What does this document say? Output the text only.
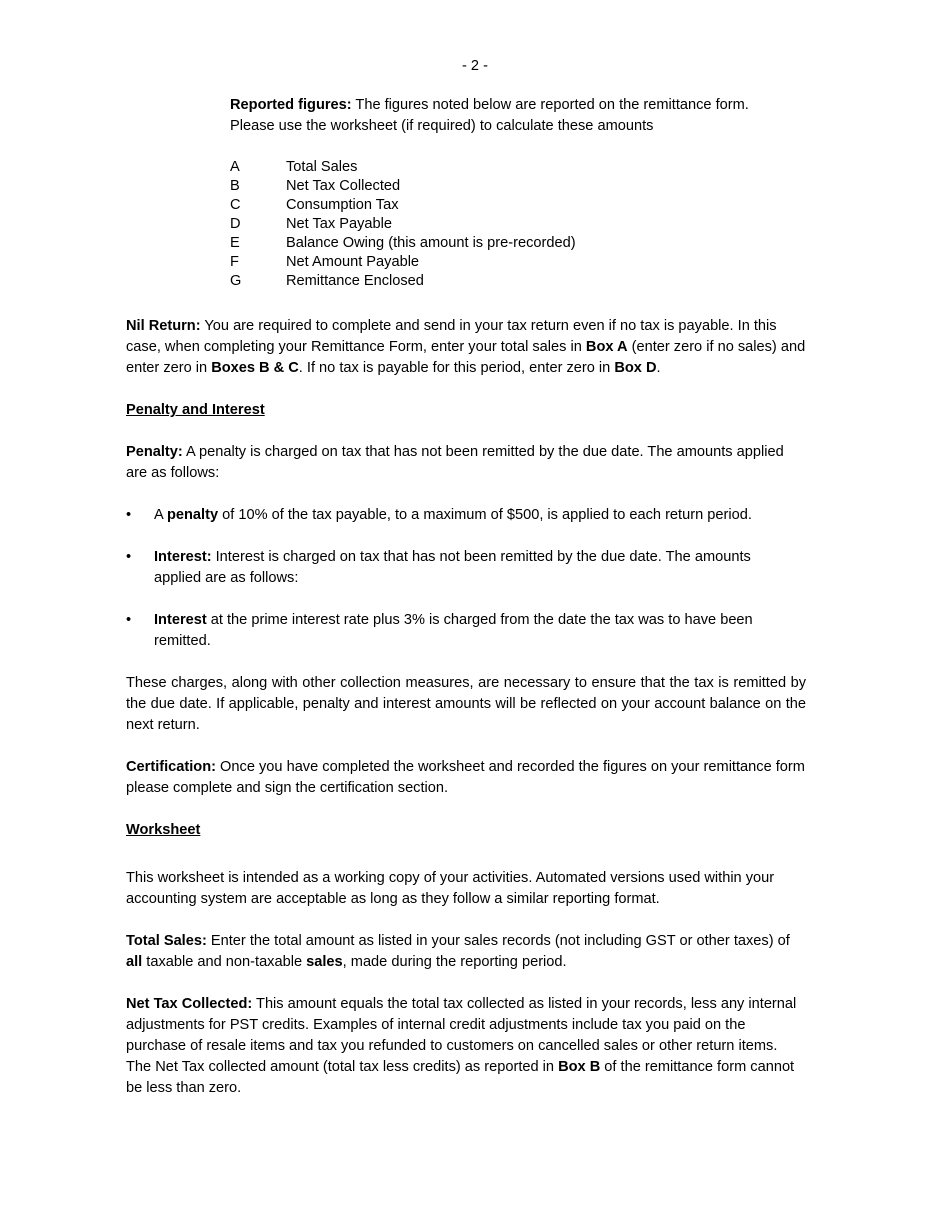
- 2 -
Reported figures: The figures noted below are reported on the remittance form.
Please use the worksheet (if required) to calculate these amounts
A	Total Sales
B	Net Tax Collected
C	Consumption Tax
D	Net Tax Payable
E	Balance Owing (this amount is pre-recorded)
F	Net Amount Payable
G	Remittance Enclosed

Nil Return: You are required to complete and send in your tax return even if no tax is payable. In this case, when completing your Remittance Form, enter your total sales in Box A (enter zero if no sales) and enter zero in Boxes B & C. If no tax is payable for this period, enter zero in Box D.

Penalty and Interest

Penalty: A penalty is charged on tax that has not been remitted by the due date. The amounts applied are as follows:

•	A penalty of 10% of the tax payable, to a maximum of $500, is applied to each return period.
•	Interest: Interest is charged on tax that has not been remitted by the due date. The amounts applied are as follows:
•	Interest at the prime interest rate plus 3% is charged from the date the tax was to have been remitted.

These charges, along with other collection measures, are necessary to ensure that the tax is remitted by the due date. If applicable, penalty and interest amounts will be reflected on your account balance on the next return.

Certification: Once you have completed the worksheet and recorded the figures on your remittance form please complete and sign the certification section.

Worksheet

This worksheet is intended as a working copy of your activities. Automated versions used within your accounting system are acceptable as long as they follow a similar reporting format.

Total Sales: Enter the total amount as listed in your sales records (not including GST or other taxes) of all taxable and non-taxable sales, made during the reporting period.

Net Tax Collected: This amount equals the total tax collected as listed in your records, less any internal adjustments for PST credits. Examples of internal credit adjustments include tax you paid on the purchase of resale items and tax you refunded to customers on cancelled sales or other return items. The Net Tax collected amount (total tax less credits) as reported in Box B of the remittance form cannot be less than zero.
